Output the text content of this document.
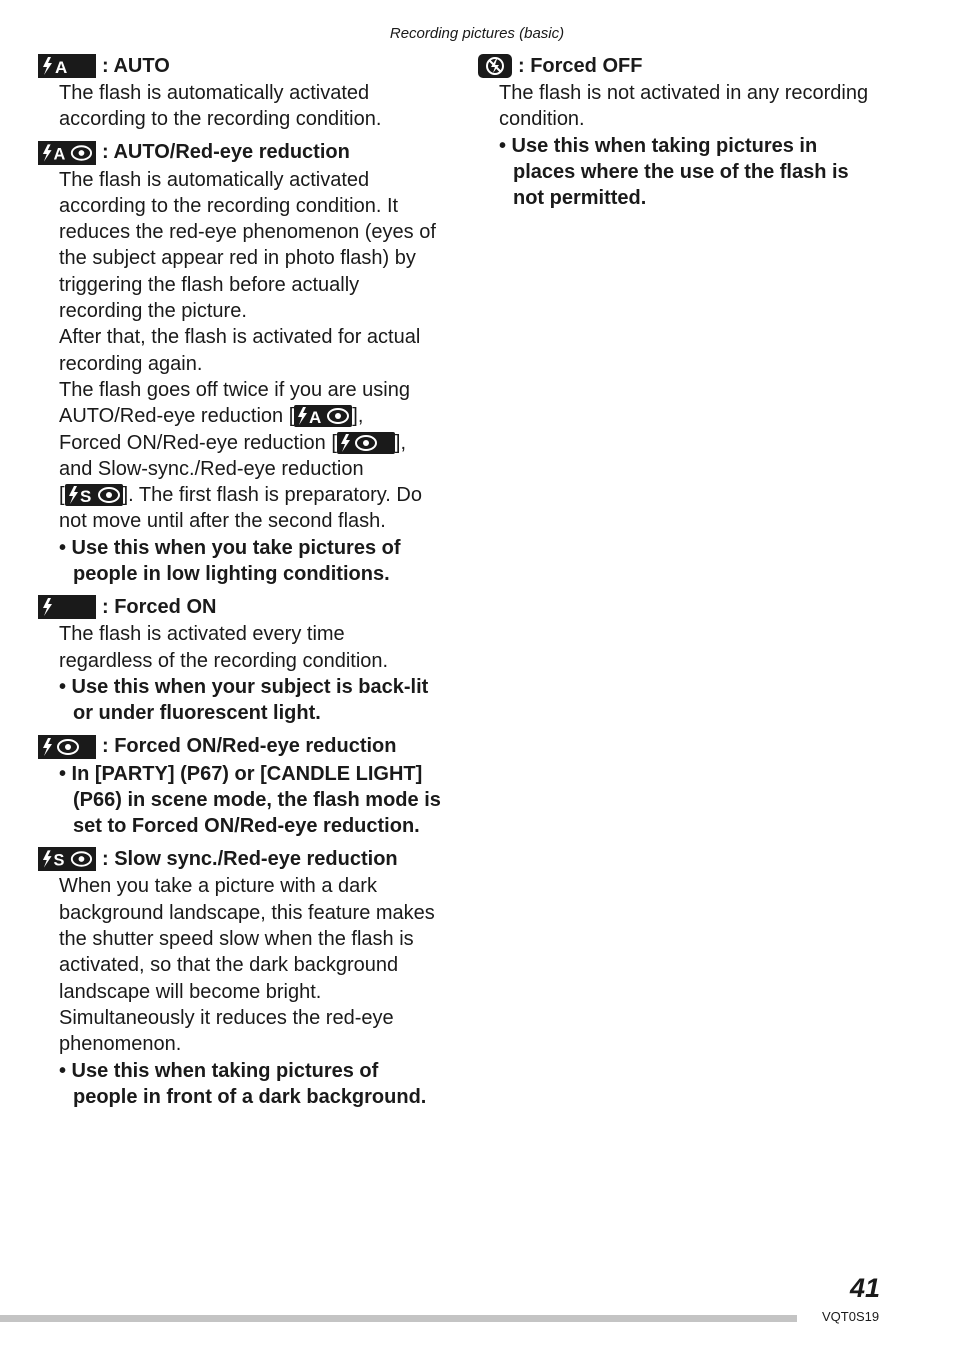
Recording pictures (basic)
A : AUTO
The flash is automatically activated according to the recording condition.
A : AUTO/Red-eye reduction
The flash is automatically activated according to the recording condition. It reduces the red-eye phenomenon (eyes of the subject appear red in photo flash) by triggering the flash before actually recording the picture.
After that, the flash is activated for actual recording again.
The flash goes off twice if you are using
AUTO/Red-eye reduction [ A ],
Forced ON/Red-eye reduction [	],
and Slow-sync./Red-eye reduction
[ S ]. The first flash is preparatory. Do not move until after the second flash.
• Use this when you take pictures of people in low lighting conditions.
: Forced ON
The flash is activated every time regardless of the recording condition.
• Use this when your subject is back-lit or under fluorescent light.
: Forced ON/Red-eye reduction
• In [PARTY] (P67) or [CANDLE LIGHT] (P66) in scene mode, the flash mode is set to Forced ON/Red-eye reduction.
S : Slow sync./Red-eye reduction
When you take a picture with a dark background landscape, this feature makes the shutter speed slow when the flash is activated, so that the dark background landscape will become bright. Simultaneously it reduces the red-eye phenomenon.
• Use this when taking pictures of people in front of a dark background.
: Forced OFF
The flash is not activated in any recording condition.
• Use this when taking pictures in places where the use of the flash is not permitted.
41
VQT0S19
